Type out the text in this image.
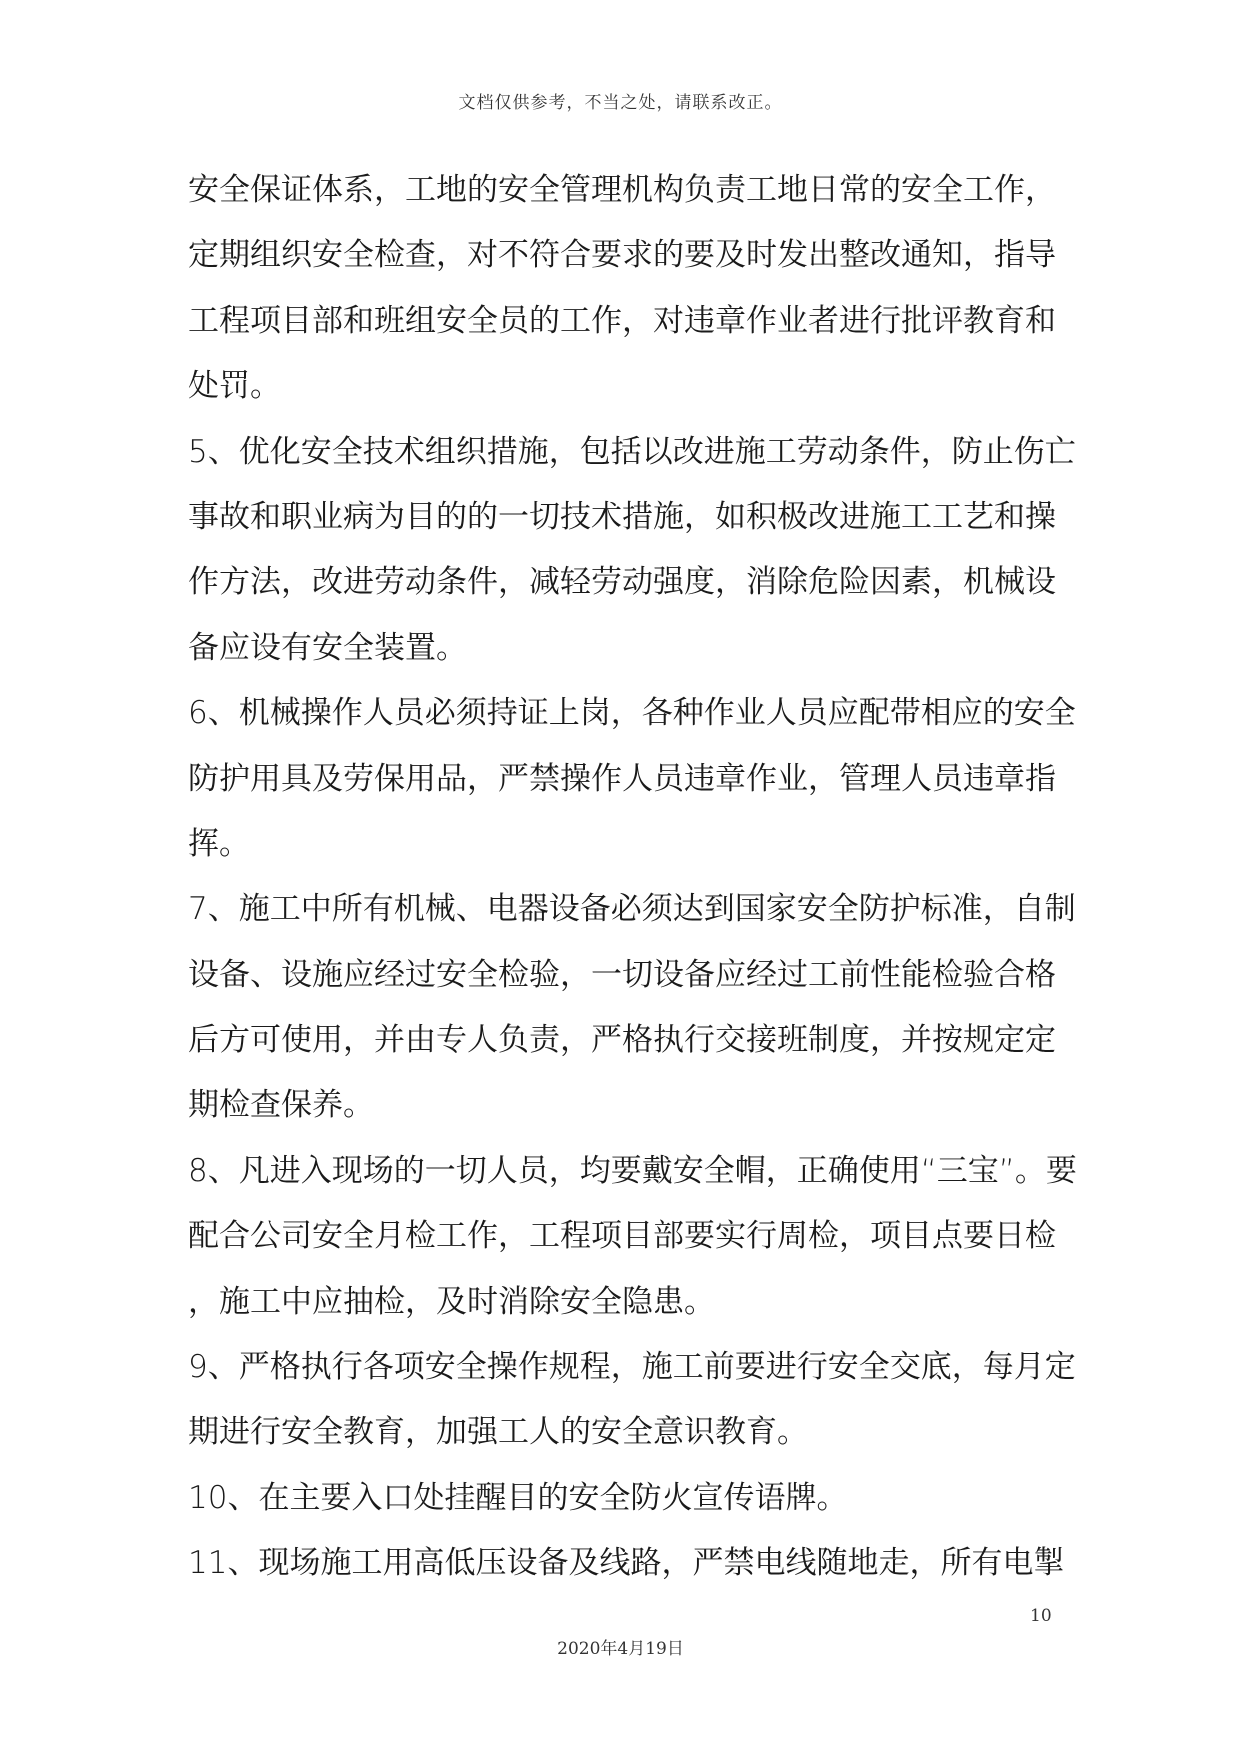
文档仅供参考，不当之处，请联系改正。
安全保证体系，工地的安全管理机构负责工地日常的安全工作，
定期组织安全检查，对不符合要求的要及时发出整改通知，指导
工程项目部和班组安全员的工作，对违章作业者进行批评教育和
处罚。
5、优化安全技术组织措施，包括以改进施工劳动条件，防止伤亡
事故和职业病为目的的一切技术措施，如积极改进施工工艺和操
作方法，改进劳动条件，减轻劳动强度，消除危险因素，机械设
备应设有安全装置。
6、机械操作人员必须持证上岗，各种作业人员应配带相应的安全
防护用具及劳保用品，严禁操作人员违章作业，管理人员违章指
挥。
7、施工中所有机械、电器设备必须达到国家安全防护标准，自制
设备、设施应经过安全检验，一切设备应经过工前性能检验合格
后方可使用，并由专人负责，严格执行交接班制度，并按规定定
期检查保养。
8、凡进入现场的一切人员，均要戴安全帽，正确使用“三宝”。要
配合公司安全月检工作，工程项目部要实行周检，项目点要日检
，施工中应抽检，及时消除安全隐患。
9、严格执行各项安全操作规程，施工前要进行安全交底，每月定
期进行安全教育，加强工人的安全意识教育。
10、在主要入口处挂醒目的安全防火宣传语牌。
11、现场施工用高低压设备及线路，严禁电线随地走，所有电掣
10
2020年4月19日
